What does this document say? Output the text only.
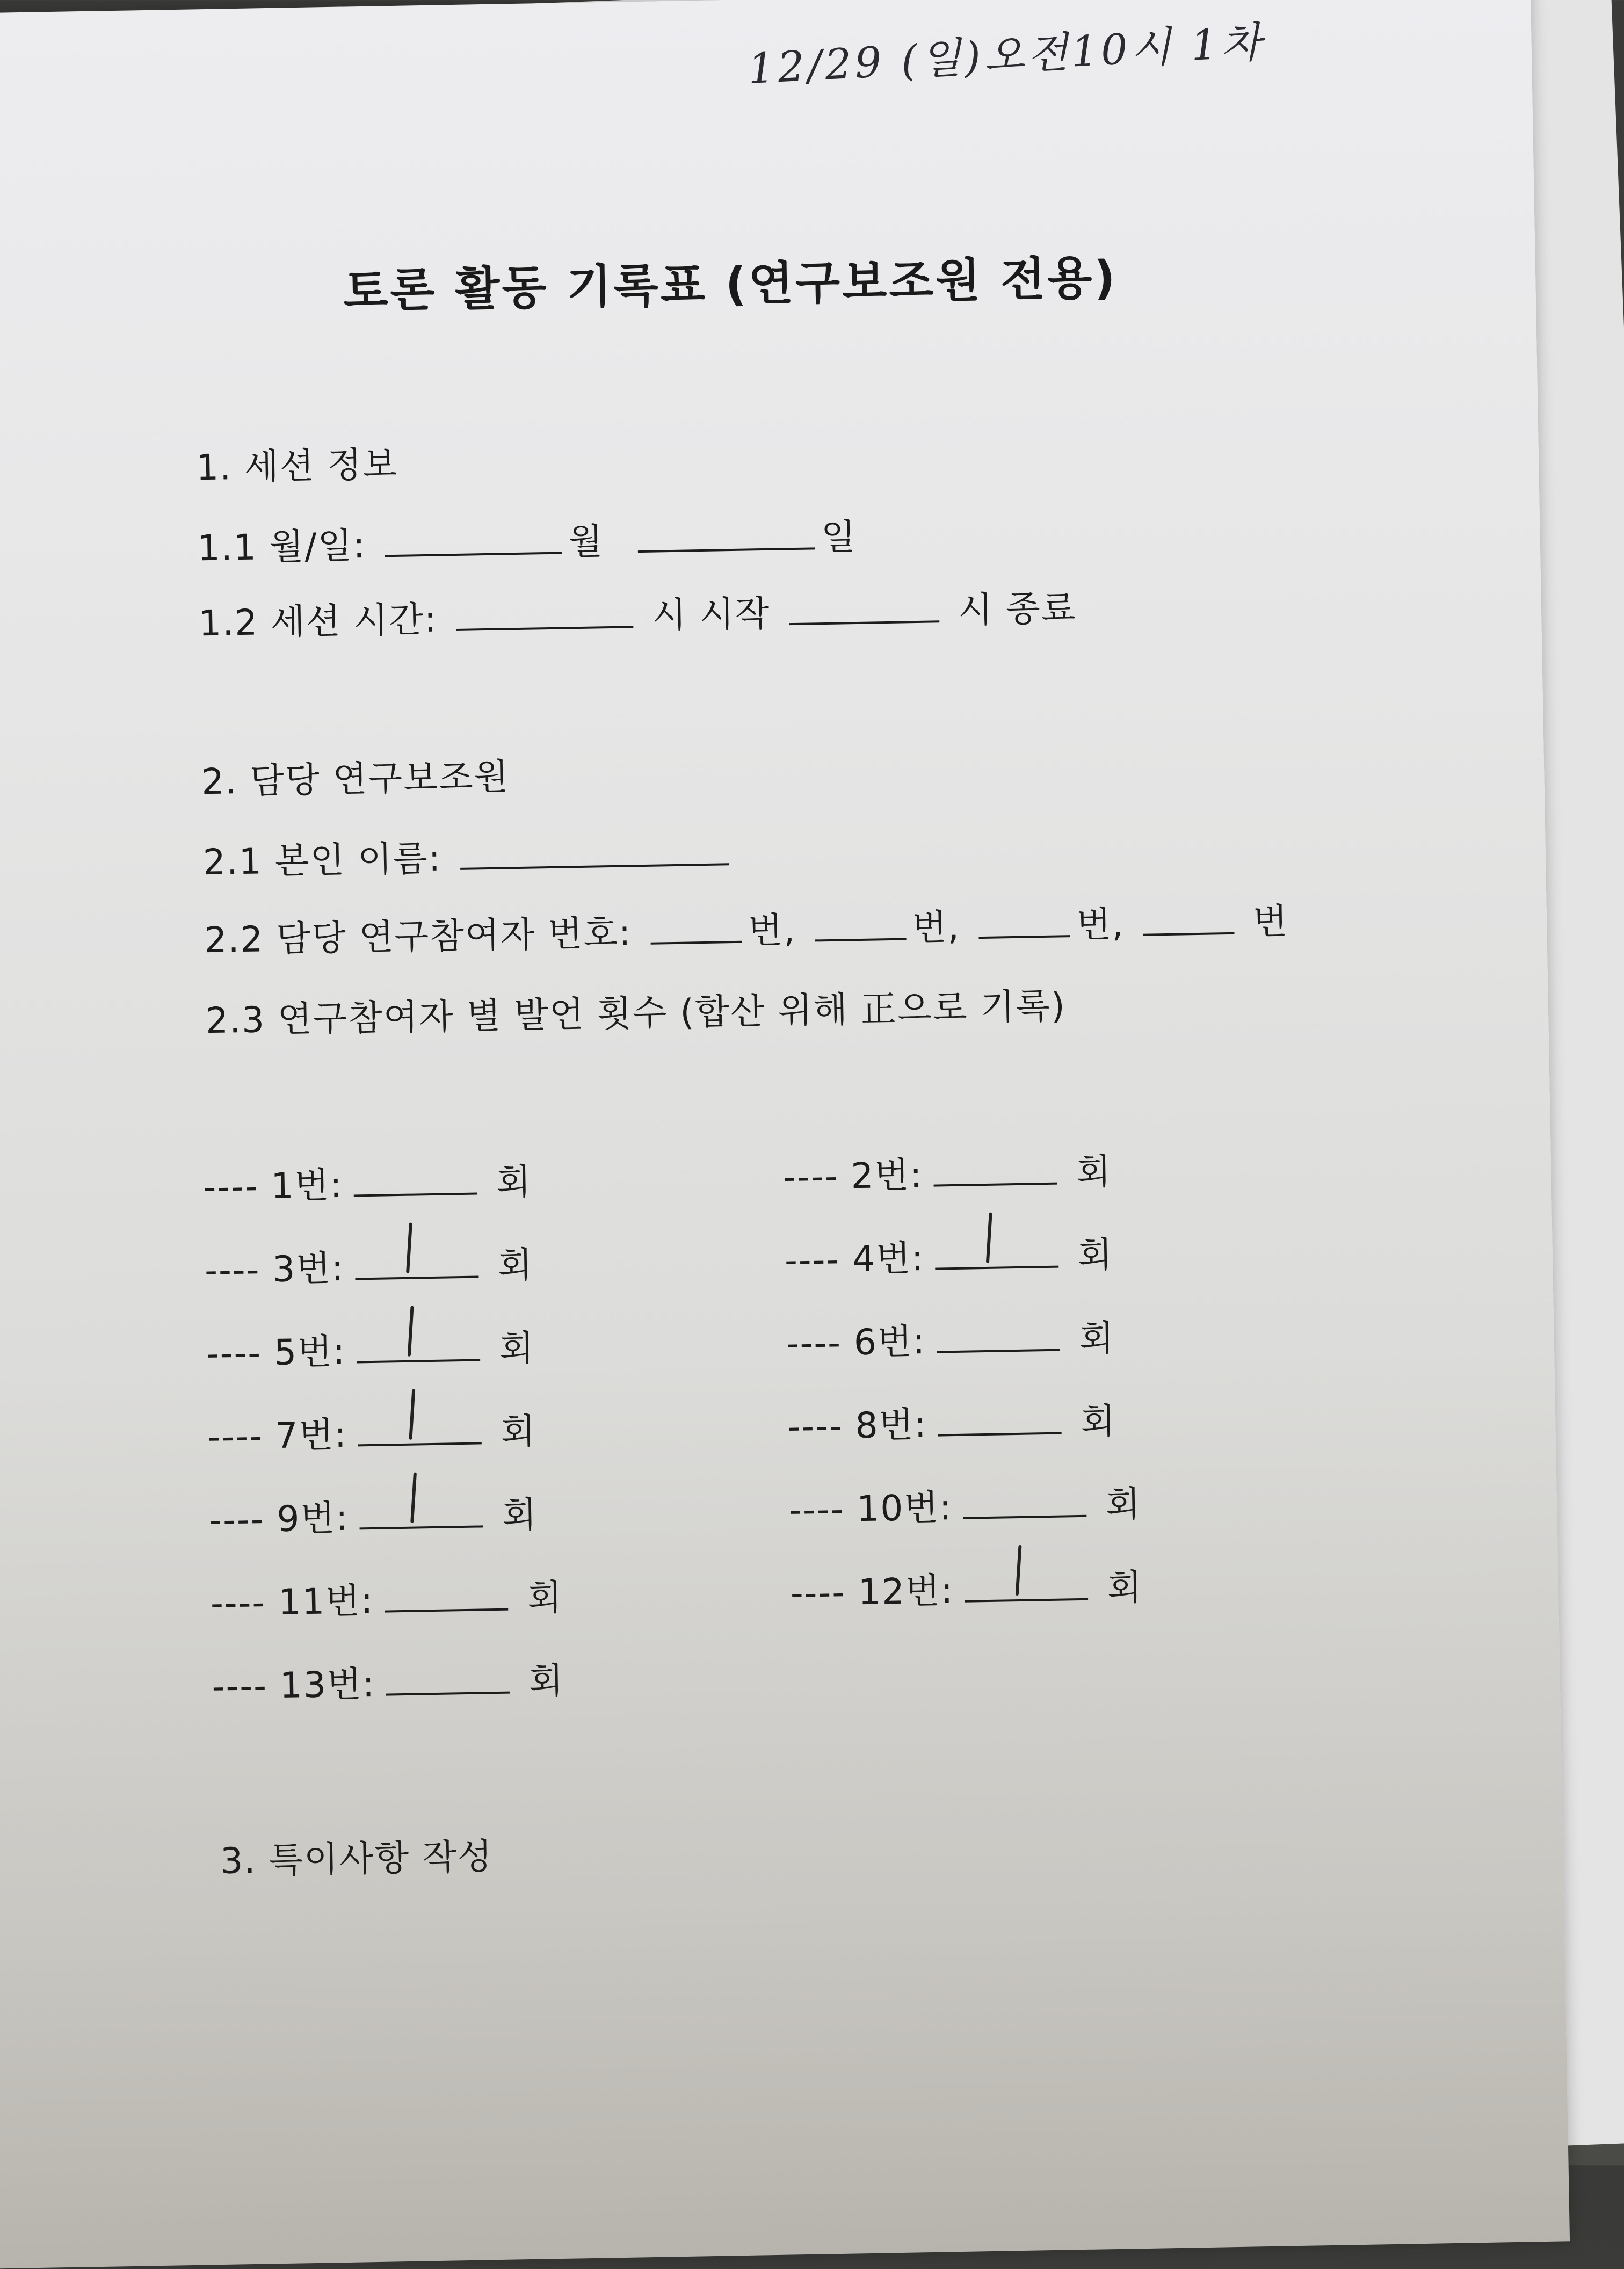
12/29 (일)오전10시 1차
토론 활동 기록표 (연구보조원 전용)
1. 세션 정보
1.1 월/일:	월	일
1.2 세션 시간:	시 시작	시 종료
2. 담당 연구보조원
2.1 본인 이름:
2.2 담당 연구참여자 번호:	번,	번,	번,	번
2.3 연구참여자 별 발언 횟수 (합산 위해 正으로 기록)
---- 1번:	회	---- 2번:	회
---- 3번:	회	---- 4번:	회
---- 5번:	회	---- 6번:	회
---- 7번:	회	---- 8번:	회
---- 9번:	회	---- 10번:	회
---- 11번:	회	---- 12번:	회
---- 13번:	회
3. 특이사항 작성
